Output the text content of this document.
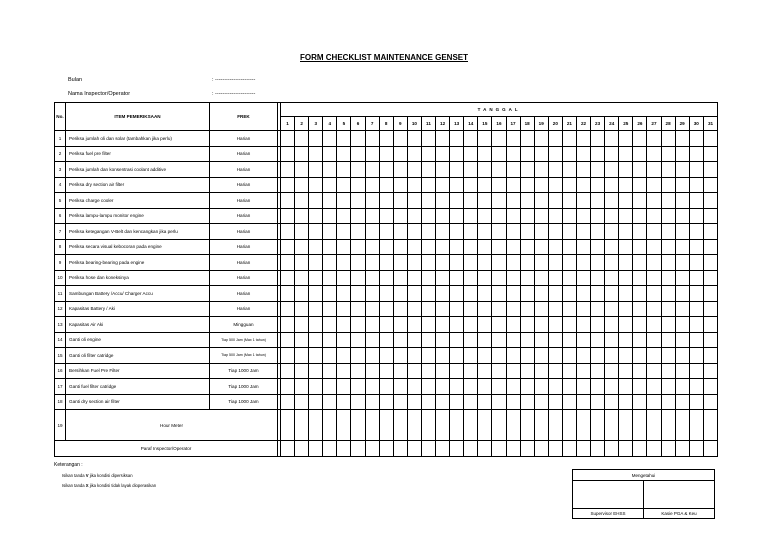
FORM CHECKLIST MAINTENANCE GENSET
Bulan	: ----------------------
Nama Inspector/Operator	: ----------------------
No.	ITEM PEMERIKSAAN	FREK		TANGGAL																														
				1	2	3	4	5	6	7	8	9	10	11	12	13	14	15	16	17	18	19	20	21	22	23	24	25	26	27	28	29	30	31
1	Periksa jumlah oli dan solar (tambahkan jika perlu)	Harian																																
2	Periksa fuel pre filter	Harian																																
3	Periksa jumlah dan konsentrasi coolant additive	Harian																																
4	Periksa dry section air filter	Harian																																
5	Periksa charge cooler	Harian																																
6	Periksa lampu-lampu monitor engine	Harian																																
7	Periksa ketegangan V-Belt dan kencangkan jika perlu	Harian																																
8	Periksa secara visual kebocoran pada engine	Harian																																
9	Periksa bearing-bearing pada engine	Harian																																
10	Periksa hose dan koneksinya	Harian																																
11	Sambungan Battery /Accu/ Charger Accu	Harian																																
12	Kapasitas Battery / Aki	Harian																																
13	Kapasitas Air Aki	Mingguan																																
14	Ganti oli engine	Tiap 500 Jam (Max 1 tahun)																																
15	Ganti oli filter catridge	Tiap 500 Jam (Max 1 tahun)																																
16	Bersihkan Fuel Pre Filter	Tiap 1000 Jam																																
17	Ganti fuel filter catridge	Tiap 1000 Jam																																
18	Ganti dry section air filter	Tiap 1000 Jam																																
19	Hour Meter																																	
Paraf Inspector/Operator																																		
Keterangan :
Isikan tanda V jika kondisi dipersiksan
Isikan tanda X jika kondisi tidak layak dioperasikan
Mengetahui	

Supervisor EHSS	Kasie PGA & Keu
